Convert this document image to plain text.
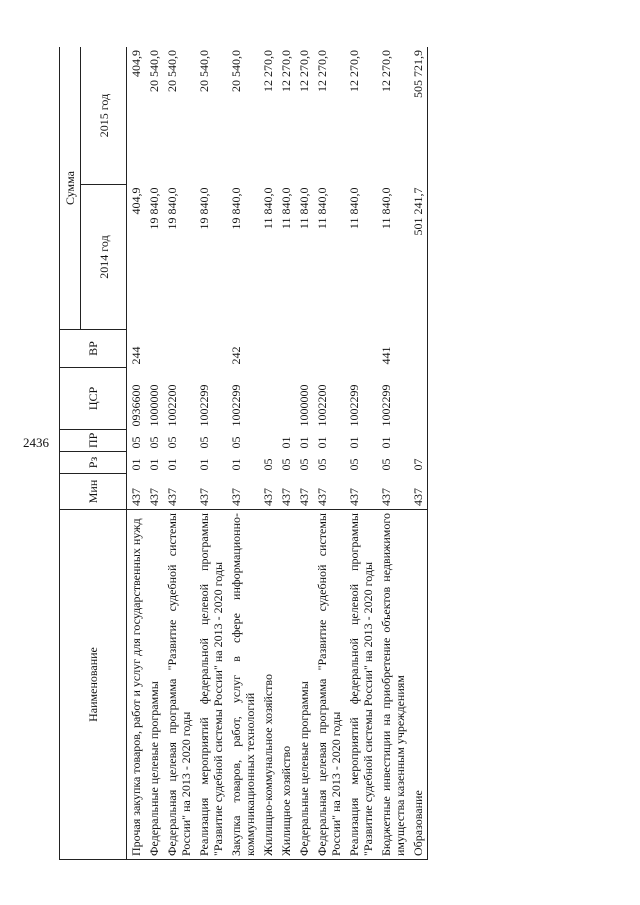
2436
Наименование	Мин	Рз	ПР	ЦСР	ВР	Сумма	
						2014 год	2015 год
Прочая закупка товаров, работ и услуг для государственных нужд	437	01	05	0936600	244	404,9	404,9
Федеральные целевые программы	437	01	05	1000000		19 840,0	20 540,0
Федеральная целевая программа "Развитие судебной системы России" на 2013 - 2020 годы	437	01	05	1002200		19 840,0	20 540,0
Реализация мероприятий федеральной целевой программы "Развитие судебной системы России" на 2013 - 2020 годы	437	01	05	1002299		19 840,0	20 540,0
Закупка товаров, работ, услуг в сфере информационно-коммуникационных технологий	437	01	05	1002299	242	19 840,0	20 540,0
Жилищно-коммунальное хозяйство	437	05				11 840,0	12 270,0
Жилищное хозяйство	437	05	01			11 840,0	12 270,0
Федеральные целевые программы	437	05	01	1000000		11 840,0	12 270,0
Федеральная целевая программа "Развитие судебной системы России" на 2013 - 2020 годы	437	05	01	1002200		11 840,0	12 270,0
Реализация мероприятий федеральной целевой программы "Развитие судебной системы России" на 2013 - 2020 годы	437	05	01	1002299		11 840,0	12 270,0
Бюджетные инвестиции на приобретение объектов недвижимого имущества казенным учреждениям	437	05	01	1002299	441	11 840,0	12 270,0
Образование	437	07				501 241,7	505 721,9
